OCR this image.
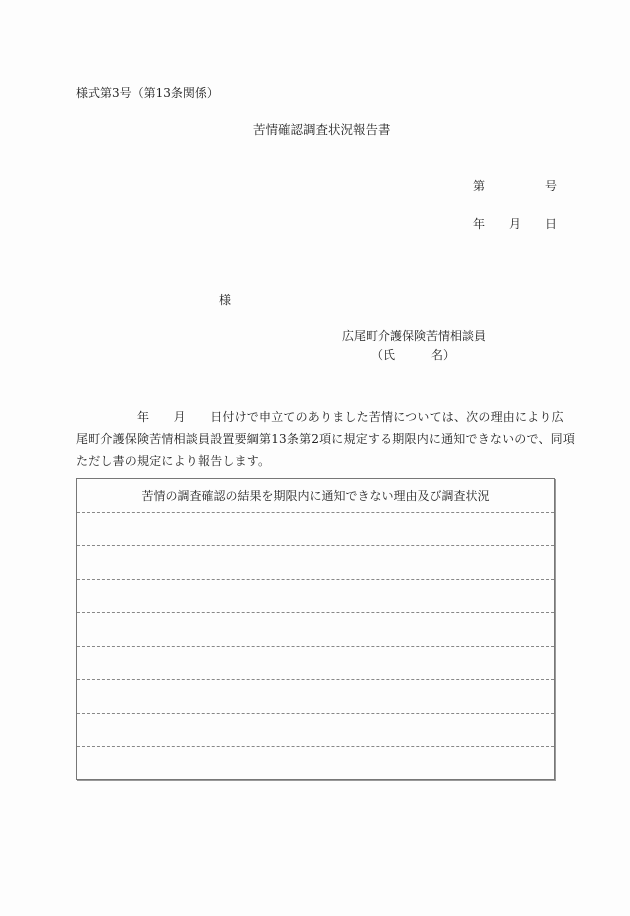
様式第3号（第13条関係）
苦情確認調査状況報告書
第	号
年 月 日
様
広尾町介護保険苦情相談員
（氏　　　名）
　　　　　年　　月　　日付けで申立てのありました苦情については、次の理由により広
尾町介護保険苦情相談員設置要綱第13条第2項に規定する期限内に通知できないので、同項
ただし書の規定により報告します。
苦情の調査確認の結果を期限内に通知できない理由及び調査状況
